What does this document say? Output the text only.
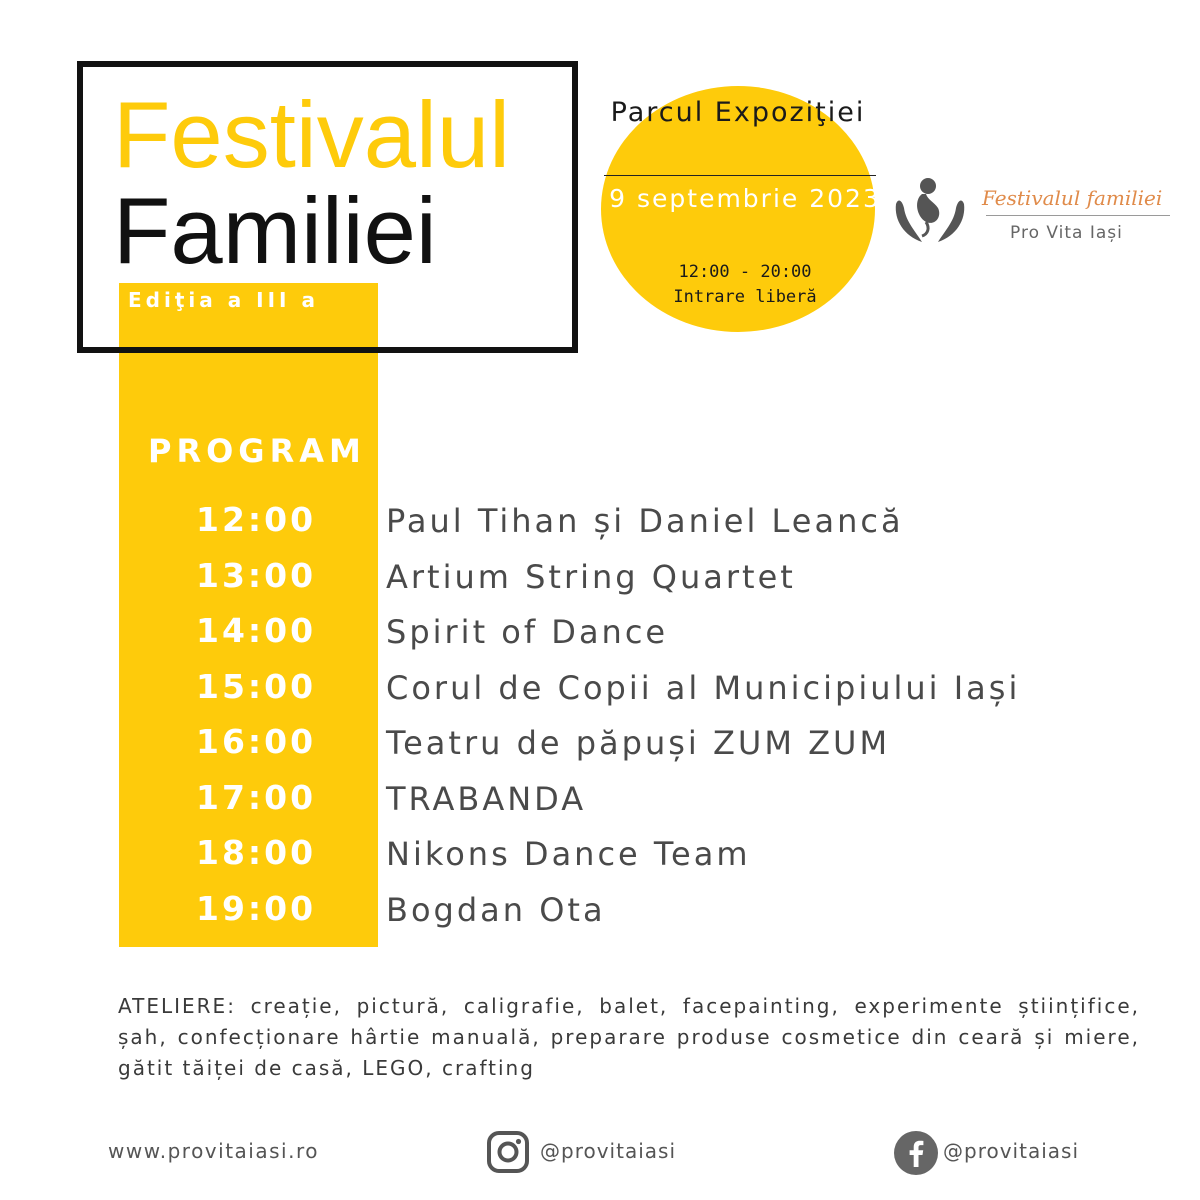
Festivalul
Familiei
Ediţia a III a
Parcul Expoziţiei
9 septembrie 2023
12:00 - 20:00
Intrare liberă
Festivalul familiei
Pro Vita Iași
PROGRAM
12:00 Paul Tihan și Daniel Leancă
13:00 Artium String Quartet
14:00 Spirit of Dance
15:00 Corul de Copii al Municipiului Iași
16:00 Teatru de păpuși ZUM ZUM
17:00 TRABANDA
18:00 Nikons Dance Team
19:00 Bogdan Ota
ATELIERE: creație, pictură, caligrafie, balet, facepainting, experimente științifice, șah, confecționare hârtie manuală, preparare produse cosmetice din ceară și miere, gătit tăiței de casă, LEGO, crafting
www.provitaiasi.ro	@provitaiasi	@provitaiasi
